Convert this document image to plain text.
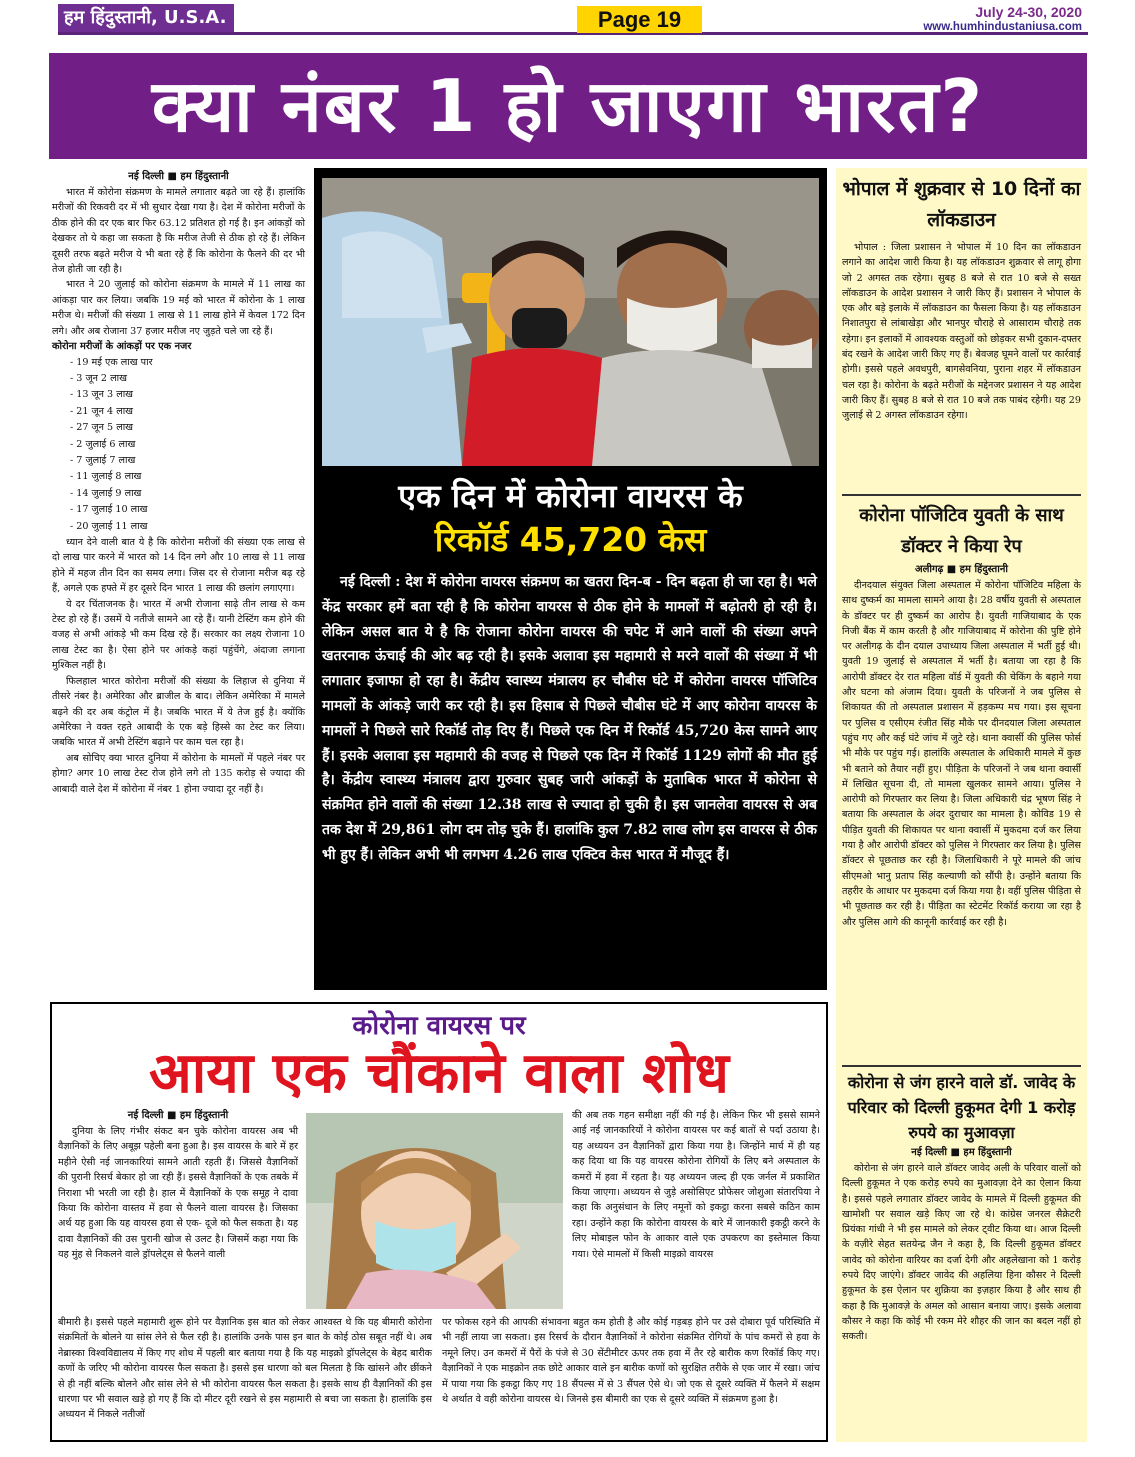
हम हिंदुस्तानी, U.S.A.	Page 19	July 24-30, 2020
www.humhindustaniusa.com
क्या नंबर 1 हो जाएगा भारत?
नई दिल्ली ■ हम हिंदुस्तानी

भारत में कोरोना संक्रमण के मामले लगातार बढ़ते जा रहे हैं। हालांकि मरीजों की रिकवरी दर में भी सुधार देखा गया है। देश में कोरोना मरीजों के ठीक होने की दर एक बार फिर 63.12 प्रतिशत हो गई है। इन आंकड़ों को देखकर तो ये कहा जा सकता है कि मरीज तेजी से ठीक हो रहे हैं। लेकिन दूसरी तरफ बढ़ते मरीज ये भी बता रहे हैं कि कोरोना के फैलने की दर भी तेज होती जा रही है।

भारत ने 20 जुलाई को कोरोना संक्रमण के मामले में 11 लाख का आंकड़ा पार कर लिया। जबकि 19 मई को भारत में कोरोना के 1 लाख मरीज थे। मरीजों की संख्या 1 लाख से 11 लाख होने में केवल 172 दिन लगे। और अब रोजाना 37 हजार मरीज नए जुड़ते चले जा रहे हैं।

कोरोना मरीजों के आंकड़ों पर एक नजर
- 19 मई एक लाख पार
- 3 जून 2 लाख
- 13 जून 3 लाख
- 21 जून 4 लाख
- 27 जून 5 लाख
- 2 जुलाई 6 लाख
- 7 जुलाई 7 लाख
- 11 जुलाई 8 लाख
- 14 जुलाई 9 लाख
- 17 जुलाई 10 लाख
- 20 जुलाई 11 लाख

ध्यान देने वाली बात ये है कि कोरोना मरीजों की संख्या एक लाख से दो लाख पार करने में भारत को 14 दिन लगे और 10 लाख से 11 लाख होने में महज तीन दिन का समय लगा। जिस दर से रोजाना मरीज बढ़ रहे हैं, अगले एक हफ्ते में हर दूसरे दिन भारत 1 लाख की छलांग लगाएगा।

ये दर चिंताजनक है। भारत में अभी रोजाना साढ़े तीन लाख से कम टेस्ट हो रहे हैं। उसमें ये नतीजे सामने आ रहे हैं। यानी टेस्टिंग कम होने की वजह से अभी आंकड़े भी कम दिख रहे हैं। सरकार का लक्ष्य रोजाना 10 लाख टेस्ट का है। ऐसा होने पर आंकड़े कहां पहुंचेंगे, अंदाजा लगाना मुश्किल नहीं है।

फिलहाल भारत कोरोना मरीजों की संख्या के लिहाज से दुनिया में तीसरे नंबर है। अमेरिका और ब्राजील के बाद। लेकिन अमेरिका में मामले बढ़ने की दर अब कंट्रोल में है। जबकि भारत में ये तेज हुई है। क्योंकि अमेरिका ने वक्त रहते आबादी के एक बड़े हिस्से का टेस्ट कर लिया। जबकि भारत में अभी टेस्टिंग बढ़ाने पर काम चल रहा है।

अब सोचिए क्या भारत दुनिया में कोरोना के मामलों में पहले नंबर पर होगा? अगर 10 लाख टेस्ट रोज होने लगे तो 135 करोड़ से ज्यादा की आबादी वाले देश में कोरोना में नंबर 1 होना ज्यादा दूर नहीं है।

एक दिन में कोरोना वायरस के
रिकॉर्ड 45,720 केस

नई दिल्ली : देश में कोरोना वायरस संक्रमण का खतरा दिन-ब - दिन बढ़ता ही जा रहा है। भले केंद्र सरकार हमें बता रही है कि कोरोना वायरस से ठीक होने के मामलों में बढ़ोतरी हो रही है। लेकिन असल बात ये है कि रोजाना कोरोना वायरस की चपेट में आने वालों की संख्या अपने खतरनाक ऊंचाई की ओर बढ़ रही है। इसके अलावा इस महामारी से मरने वालों की संख्या में भी लगातार इजाफा हो रहा है। केंद्रीय स्वास्थ्य मंत्रालय हर चौबीस घंटे में कोरोना वायरस पॉजिटिव मामलों के आंकड़े जारी कर रही है। इस हिसाब से पिछले चौबीस घंटे में आए कोरोना वायरस के मामलों ने पिछले सारे रिकॉर्ड तोड़ दिए हैं। पिछले एक दिन में रिकॉर्ड 45,720 केस सामने आए हैं। इसके अलावा इस महामारी की वजह से पिछले एक दिन में रिकॉर्ड 1129 लोगों की मौत हुई है। केंद्रीय स्वास्थ्य मंत्रालय द्वारा गुरुवार सुबह जारी आंकड़ों के मुताबिक भारत में कोरोना से संक्रमित होने वालों की संख्या 12.38 लाख से ज्यादा हो चुकी है। इस जानलेवा वायरस से अब तक देश में 29,861 लोग दम तोड़ चुके हैं। हालांकि कुल 7.82 लाख लोग इस वायरस से ठीक भी हुए हैं। लेकिन अभी भी लगभग 4.26 लाख एक्टिव केस भारत में मौजूद हैं।

भोपाल में शुक्रवार से 10 दिनों का लॉकडाउन

भोपाल : जिला प्रशासन ने भोपाल में 10 दिन का लॉकडाउन लगाने का आदेश जारी किया है। यह लॉकडाउन शुक्रवार से लागू होगा जो 2 अगस्त तक रहेगा। सुबह 8 बजे से रात 10 बजे से सख्त लॉकडाउन के आदेश प्रशासन ने जारी किए हैं। प्रशासन ने भोपाल के एक और बड़े इलाके में लॉकडाउन का फैसला किया है। यह लॉकडाउन निशातपुरा से लांबाखेड़ा और भानपुर चौराहे से आसाराम चौराहे तक रहेगा। इन इलाकों में आवश्यक वस्तुओं को छोड़कर सभी दुकान-दफ्तर बंद रखने के आदेश जारी किए गए हैं। बेवजह घूमने वालों पर कार्रवाई होगी। इससे पहले अवधपुरी, बागसेवनिया, पुराना शहर में लॉकडाउन चल रहा है। कोरोना के बढ़ते मरीजों के मद्देनजर प्रशासन ने यह आदेश जारी किए हैं। सुबह 8 बजे से रात 10 बजे तक पाबंद रहेगी। यह 29 जुलाई से 2 अगस्त लॉकडाउन रहेगा।

कोरोना पॉजिटिव युवती के साथ डॉक्टर ने किया रेप
अलीगढ़ ■ हम हिंदुस्तानी

दीनदयाल संयुक्त जिला अस्पताल में कोरोना पॉजिटिव महिला के साथ दुष्कर्म का मामला सामने आया है। 28 वर्षीय युवती से अस्पताल के डॉक्टर पर ही दुष्कर्म का आरोप है। युवती गाजियाबाद के एक निजी बैंक में काम करती है और गाजियाबाद में कोरोना की पुष्टि होने पर अलीगढ़ के दीन दयाल उपाध्याय जिला अस्पताल में भर्ती हुई थी। युवती 19 जुलाई से अस्पताल में भर्ती है। बताया जा रहा है कि आरोपी डॉक्टर देर रात महिला वॉर्ड में युवती की चेकिंग के बहाने गया और घटना को अंजाम दिया। युवती के परिजनों ने जब पुलिस से शिकायत की तो अस्पताल प्रशासन में हड़कम्प मच गया। इस सूचना पर पुलिस व एसीएम रंजीत सिंह मौके पर दीनदयाल जिला अस्पताल पहुंच गए और कई घंटे जांच में जुटे रहे। थाना क्वार्सी की पुलिस फोर्स भी मौके पर पहुंच गई। हालांकि अस्पताल के अधिकारी मामले में कुछ भी बताने को तैयार नहीं हुए। पीड़िता के परिजनों ने जब थाना क्वार्सी में लिखित सूचना दी, तो मामला खुलकर सामने आया। पुलिस ने आरोपी को गिरफ्तार कर लिया है। जिला अधिकारी चंद्र भूषण सिंह ने बताया कि अस्पताल के अंदर दुराचार का मामला है। कोविड 19 से पीड़ित युवती की शिकायत पर थाना क्वार्सी में मुकदमा दर्ज कर लिया गया है और आरोपी डॉक्टर को पुलिस ने गिरफ्तार कर लिया है। पुलिस डॉक्टर से पूछताछ कर रही है। जिलाधिकारी ने पूरे मामले की जांच सीएमओ भानु प्रताप सिंह कल्याणी को सौंपी है। उन्होंने बताया कि तहरीर के आधार पर मुकदमा दर्ज किया गया है। वहीं पुलिस पीड़िता से भी पूछताछ कर रही है। पीड़िता का स्टेटमेंट रिकॉर्ड कराया जा रहा है और पुलिस आगे की कानूनी कार्रवाई कर रही है।

कोरोना से जंग हारने वाले डॉ. जावेद के परिवार को दिल्ली हुकूमत देगी 1 करोड़ रुपये का मुआवज़ा
नई दिल्ली ■ हम हिंदुस्तानी

कोरोना से जंग हारने वाले डॉक्टर जावेद अली के परिवार वालों को दिल्ली हुकूमत ने एक करोड़ रुपये का मुआवज़ा देने का ऐलान किया है। इससे पहले लगातार डॉक्टर जावेद के मामले में दिल्ली हुकूमत की खामोशी पर सवाल खड़े किए जा रहे थे। कांग्रेस जनरल सैक्रेटरी प्रियंका गांधी ने भी इस मामले को लेकर ट्वीट किया था। आज दिल्ली के वज़ीरे सेहत सतयेन्द्र जैन ने कहा है, कि दिल्ली हुकूमत डॉक्टर जावेद को कोरोना वारियर का दर्जा देगी और अहलेखाना को 1 करोड़ रुपये दिए जाएंगे। डॉक्टर जावेद की अहलिया हिना कौसर ने दिल्ली हुकूमत के इस ऐलान पर शुक्रिया का इज़हार किया है और साथ ही कहा है कि मुआवज़े के अमल को आसान बनाया जाए। इसके अलावा कौसर ने कहा कि कोई भी रकम मेरे शौहर की जान का बदल नहीं हो सकती।

कोरोना वायरस पर
आया एक चौंकाने वाला शोध
नई दिल्ली ■ हम हिंदुस्तानी

दुनिया के लिए गंभीर संकट बन चुके कोरोना वायरस अब भी वैज्ञानिकों के लिए अबूझ पहेली बना हुआ है। इस वायरस के बारे में हर महीने ऐसी नई जानकारियां सामने आती रहती हैं। जिससे वैज्ञानिकों की पुरानी रिसर्च बेकार हो जा रही हैं। इससे वैज्ञानिकों के एक तबके में निराशा भी भरती जा रही है। हाल में वैज्ञानिकों के एक समूह ने दावा किया कि कोरोना वास्तव में हवा से फैलने वाला वायरस है। जिसका अर्थ यह हुआ कि यह वायरस हवा से एक- दूजे को फैल सकता है। यह दावा वैज्ञानिकों की उस पुरानी खोज से उलट है। जिसमें कहा गया कि यह मुंह से निकलने वाले ड्रॉपलेट्स से फैलने वाली

बीमारी है। इससे पहले महामारी शुरू होने पर वैज्ञानिक इस बात को लेकर आश्वस्त थे कि यह बीमारी कोरोना संक्रमितों के बोलने या सांस लेने से फैल रही है। हालांकि उनके पास इन बात के कोई ठोस सबूत नहीं थे। अब नेब्रास्का विश्वविद्यालय में किए गए शोध में पहली बार बताया गया है कि यह माइक्रो ड्रॉपलेट्स के बेहद बारीक कणों के जरिए भी कोरोना वायरस फैल सकता है। इससे इस धारणा को बल मिलता है कि खांसने और छींकने से ही नहीं बल्कि बोलने और सांस लेने से भी कोरोना वायरस फैल सकता है। इसके साथ ही वैज्ञानिकों की इस धारणा पर भी सवाल खड़े हो गए हैं कि दो मीटर दूरी रखने से इस महामारी से बचा जा सकता है। हालांकि इस अध्ययन में निकले नतीजों

की अब तक गहन समीक्षा नहीं की गई है। लेकिन फिर भी इससे सामने आई नई जानकारियों ने कोरोना वायरस पर कई बातों से पर्दा उठाया है। यह अध्ययन उन वैज्ञानिकों द्वारा किया गया है। जिन्होंने मार्च में ही यह कह दिया था कि यह वायरस कोरोना रोगियों के लिए बने अस्पताल के कमरों में हवा में रहता है। यह अध्ययन जल्द ही एक जर्नल में प्रकाशित किया जाएगा। अध्ययन से जुड़े असोसिएट प्रोफेसर जोशुआ संतारपिया ने कहा कि अनुसंधान के लिए नमूनों को इकट्ठा करना सबसे कठिन काम रहा। उन्होंने कहा कि कोरोना वायरस के बारे में जानकारी इकट्ठी करने के लिए मोबाइल फोन के आकार वाले एक उपकरण का इस्तेमाल किया गया। ऐसे मामलों में किसी माइक्रो वायरस

पर फोकस रहने की आपकी संभावना बहुत कम होती है और कोई गड़बड़ होने पर उसे दोबारा पूर्व परिस्थिति में भी नहीं लाया जा सकता। इस रिसर्च के दौरान वैज्ञानिकों ने कोरोना संक्रमित रोगियों के पांच कमरों से हवा के नमूने लिए। उन कमरों में पैरों के पंजे से 30 सेंटीमीटर ऊपर तक हवा में तैर रहे बारीक कण रिकॉर्ड किए गए। वैज्ञानिकों ने एक माइक्रोन तक छोटे आकार वाले इन बारीक कणों को सुरक्षित तरीके से एक जार में रखा। जांच में पाया गया कि इकट्ठा किए गए 18 सैंपल्स में से 3 सैंपल ऐसे थे। जो एक से दूसरे व्यक्ति में फैलने में सक्षम थे अर्थात वे वही कोरोना वायरस थे। जिनसे इस बीमारी का एक से दूसरे व्यक्ति में संक्रमण हुआ है।
